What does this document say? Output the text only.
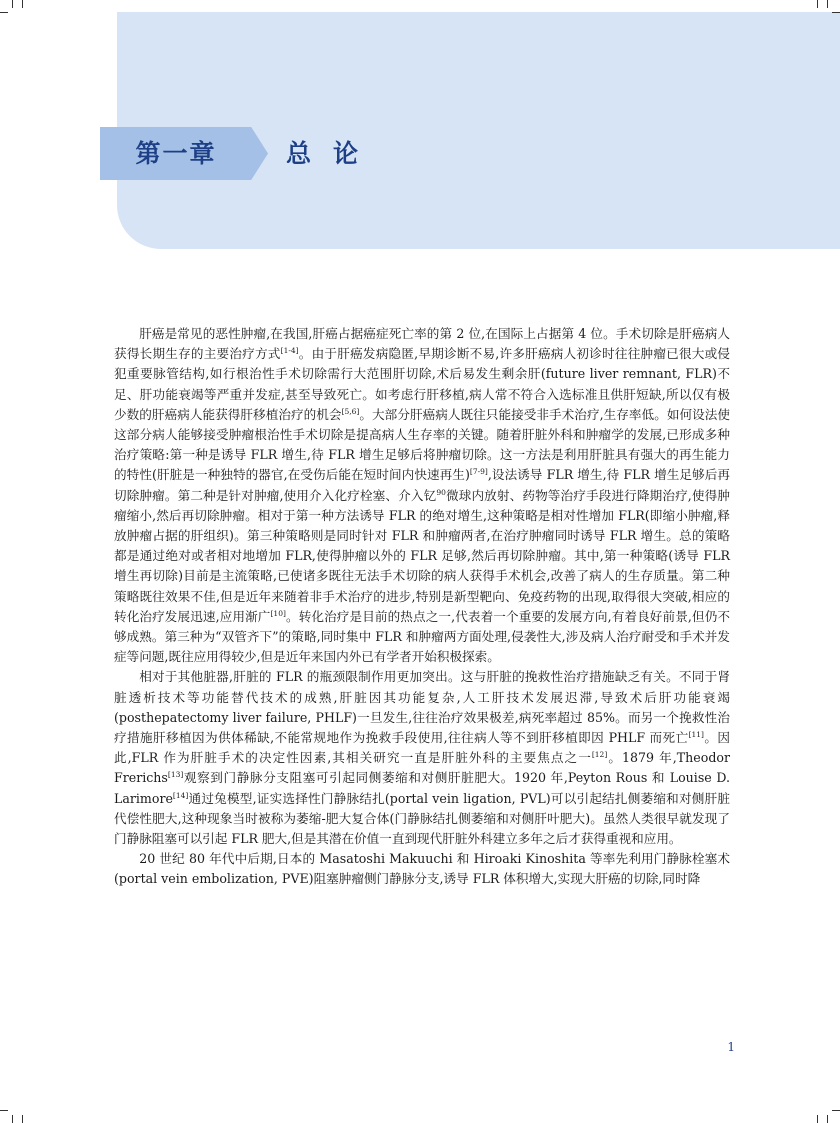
第一章	总论

肝癌是常见的恶性肿瘤,在我国,肝癌占据癌症死亡率的第 2 位,在国际上占据第 4 位。手术切除是肝癌病人获得长期生存的主要治疗方式[1-4]。由于肝癌发病隐匿,早期诊断不易,许多肝癌病人初诊时往往肿瘤已很大或侵犯重要脉管结构,如行根治性手术切除需行大范围肝切除,术后易发生剩余肝(future liver remnant, FLR)不足、肝功能衰竭等严重并发症,甚至导致死亡。如考虑行肝移植,病人常不符合入选标准且供肝短缺,所以仅有极少数的肝癌病人能获得肝移植治疗的机会[5,6]。大部分肝癌病人既往只能接受非手术治疗,生存率低。如何设法使这部分病人能够接受肿瘤根治性手术切除是提高病人生存率的关键。随着肝脏外科和肿瘤学的发展,已形成多种治疗策略:第一种是诱导 FLR 增生,待 FLR 增生足够后将肿瘤切除。这一方法是利用肝脏具有强大的再生能力的特性(肝脏是一种独特的器官,在受伤后能在短时间内快速再生)[7-9],设法诱导 FLR 增生,待 FLR 增生足够后再切除肿瘤。第二种是针对肿瘤,使用介入化疗栓塞、介入钇$^{90}$微球内放射、药物等治疗手段进行降期治疗,使得肿瘤缩小,然后再切除肿瘤。相对于第一种方法诱导 FLR 的绝对增生,这种策略是相对性增加 FLR(即缩小肿瘤,释放肿瘤占据的肝组织)。第三种策略则是同时针对 FLR 和肿瘤两者,在治疗肿瘤同时诱导 FLR 增生。总的策略都是通过绝对或者相对地增加 FLR,使得肿瘤以外的 FLR 足够,然后再切除肿瘤。其中,第一种策略(诱导 FLR 增生再切除)目前是主流策略,已使诸多既往无法手术切除的病人获得手术机会,改善了病人的生存质量。第二种策略既往效果不佳,但是近年来随着非手术治疗的进步,特别是新型靶向、免疫药物的出现,取得很大突破,相应的转化治疗发展迅速,应用渐广[10]。转化治疗是目前的热点之一,代表着一个重要的发展方向,有着良好前景,但仍不够成熟。第三种为“双管齐下”的策略,同时集中 FLR 和肿瘤两方面处理,侵袭性大,涉及病人治疗耐受和手术并发症等问题,既往应用得较少,但是近年来国内外已有学者开始积极探索。

相对于其他脏器,肝脏的 FLR 的瓶颈限制作用更加突出。这与肝脏的挽救性治疗措施缺乏有关。不同于肾脏透析技术等功能替代技术的成熟,肝脏因其功能复杂,人工肝技术发展迟滞,导致术后肝功能衰竭(posthepatectomy liver failure, PHLF)一旦发生,往往治疗效果极差,病死率超过 85%。而另一个挽救性治疗措施肝移植因为供体稀缺,不能常规地作为挽救手段使用,往往病人等不到肝移植即因 PHLF 而死亡[11]。因此,FLR 作为肝脏手术的决定性因素,其相关研究一直是肝脏外科的主要焦点之一[12]。1879 年,Theodor Frerichs[13]观察到门静脉分支阻塞可引起同侧萎缩和对侧肝脏肥大。1920 年,Peyton Rous 和 Louise D. Larimore[14]通过兔模型,证实选择性门静脉结扎(portal vein ligation, PVL)可以引起结扎侧萎缩和对侧肝脏代偿性肥大,这种现象当时被称为萎缩-肥大复合体(门静脉结扎侧萎缩和对侧肝叶肥大)。虽然人类很早就发现了门静脉阻塞可以引起 FLR 肥大,但是其潜在价值一直到现代肝脏外科建立多年之后才获得重视和应用。

20 世纪 80 年代中后期,日本的 Masatoshi Makuuchi 和 Hiroaki Kinoshita 等率先利用门静脉栓塞术(portal vein embolization, PVE)阻塞肿瘤侧门静脉分支,诱导 FLR 体积增大,实现大肝癌的切除,同时降

1
